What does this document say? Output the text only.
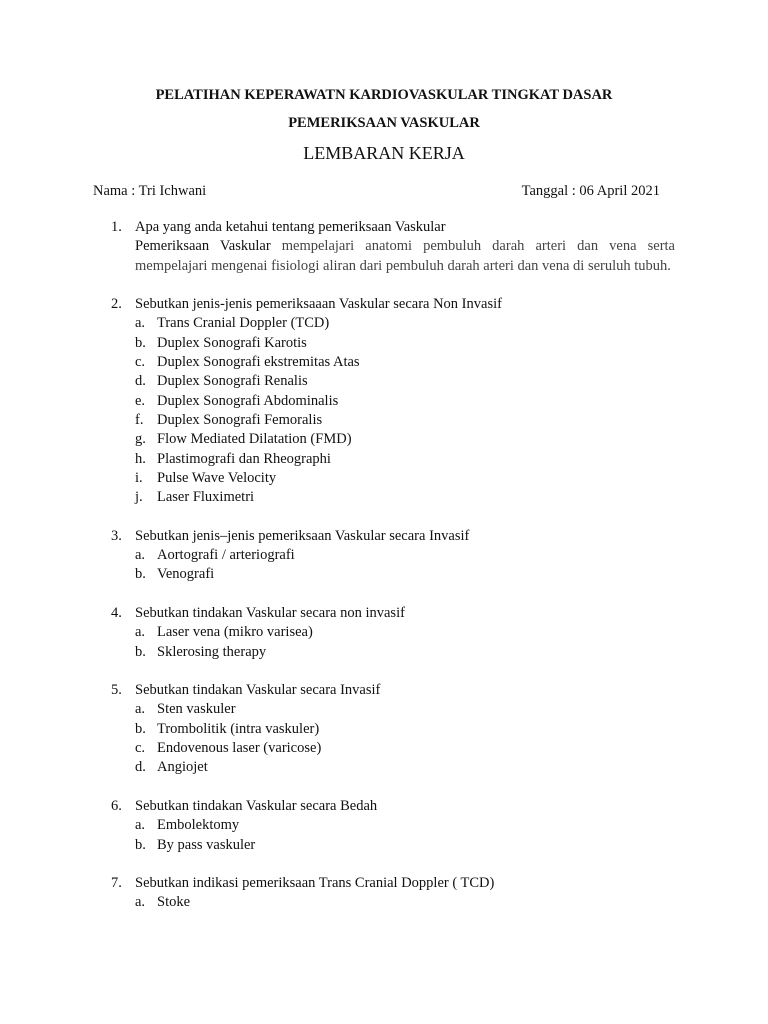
PELATIHAN KEPERAWATN KARDIOVASKULAR TINGKAT DASAR
PEMERIKSAAN VASKULAR
LEMBARAN KERJA
Nama : Tri Ichwani	Tanggal : 06 April 2021
1. Apa yang anda ketahui tentang pemeriksaan Vaskular
Pemeriksaan Vaskular mempelajari anatomi pembuluh darah arteri dan vena serta mempelajari mengenai fisiologi aliran dari pembuluh darah arteri dan vena di seruluh tubuh.
2. Sebutkan jenis-jenis pemeriksaaan Vaskular secara Non Invasif
a. Trans Cranial Doppler (TCD)
b. Duplex Sonografi Karotis
c. Duplex Sonografi ekstremitas Atas
d. Duplex Sonografi Renalis
e. Duplex Sonografi Abdominalis
f. Duplex Sonografi Femoralis
g. Flow Mediated Dilatation (FMD)
h. Plastimografi dan Rheographi
i. Pulse Wave Velocity
j. Laser Fluximetri
3. Sebutkan jenis–jenis pemeriksaan Vaskular secara Invasif
a. Aortografi / arteriografi
b. Venografi
4. Sebutkan tindakan Vaskular secara non invasif
a. Laser vena (mikro varisea)
b. Sklerosing therapy
5. Sebutkan tindakan Vaskular secara Invasif
a. Sten vaskuler
b. Trombolitik (intra vaskuler)
c. Endovenous laser (varicose)
d. Angiojet
6. Sebutkan tindakan Vaskular secara Bedah
a. Embolektomy
b. By pass vaskuler
7. Sebutkan indikasi pemeriksaan Trans Cranial Doppler ( TCD)
a. Stoke
